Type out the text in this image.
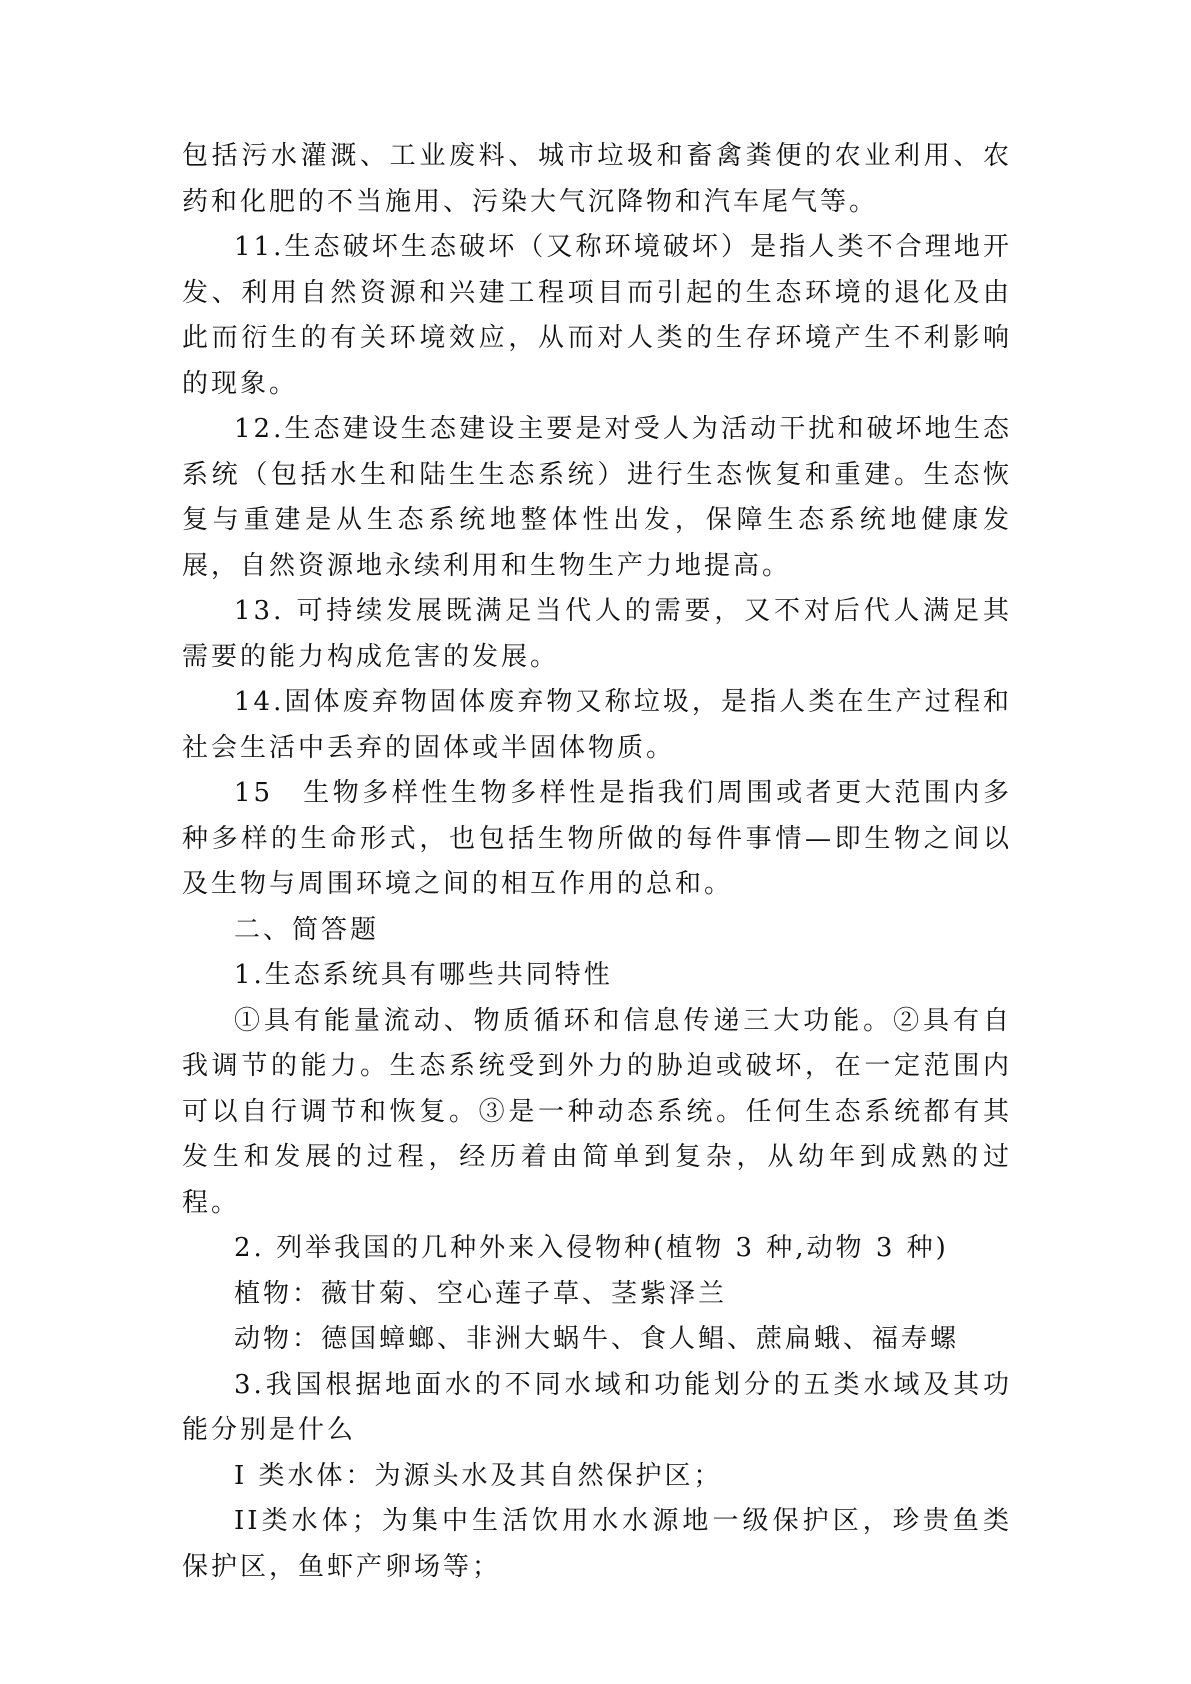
包括污水灌溉、工业废料、城市垃圾和畜禽粪便的农业利用、农药和化肥的不当施用、污染大气沉降物和汽车尾气等。

11.生态破坏生态破坏（又称环境破坏）是指人类不合理地开发、利用自然资源和兴建工程项目而引起的生态环境的退化及由此而衍生的有关环境效应，从而对人类的生存环境产生不利影响的现象。

12.生态建设生态建设主要是对受人为活动干扰和破坏地生态系统（包括水生和陆生生态系统）进行生态恢复和重建。生态恢复与重建是从生态系统地整体性出发，保障生态系统地健康发展，自然资源地永续利用和生物生产力地提高。

13. 可持续发展既满足当代人的需要，又不对后代人满足其需要的能力构成危害的发展。

14.固体废弃物固体废弃物又称垃圾，是指人类在生产过程和社会生活中丢弃的固体或半固体物质。

15　生物多样性生物多样性是指我们周围或者更大范围内多种多样的生命形式，也包括生物所做的每件事情—即生物之间以及生物与周围环境之间的相互作用的总和。

二、简答题

1.生态系统具有哪些共同特性

①具有能量流动、物质循环和信息传递三大功能。②具有自我调节的能力。生态系统受到外力的胁迫或破坏，在一定范围内可以自行调节和恢复。③是一种动态系统。任何生态系统都有其发生和发展的过程，经历着由简单到复杂，从幼年到成熟的过程。

2. 列举我国的几种外来入侵物种(植物 3 种,动物 3 种)

植物：薇甘菊、空心莲子草、茎紫泽兰

动物：德国蟑螂、非洲大蜗牛、食人鲳、蔗扁蛾、福寿螺

3.我国根据地面水的不同水域和功能划分的五类水域及其功能分别是什么

I 类水体：为源头水及其自然保护区；

II类水体；为集中生活饮用水水源地一级保护区，珍贵鱼类保护区，鱼虾产卵场等；
